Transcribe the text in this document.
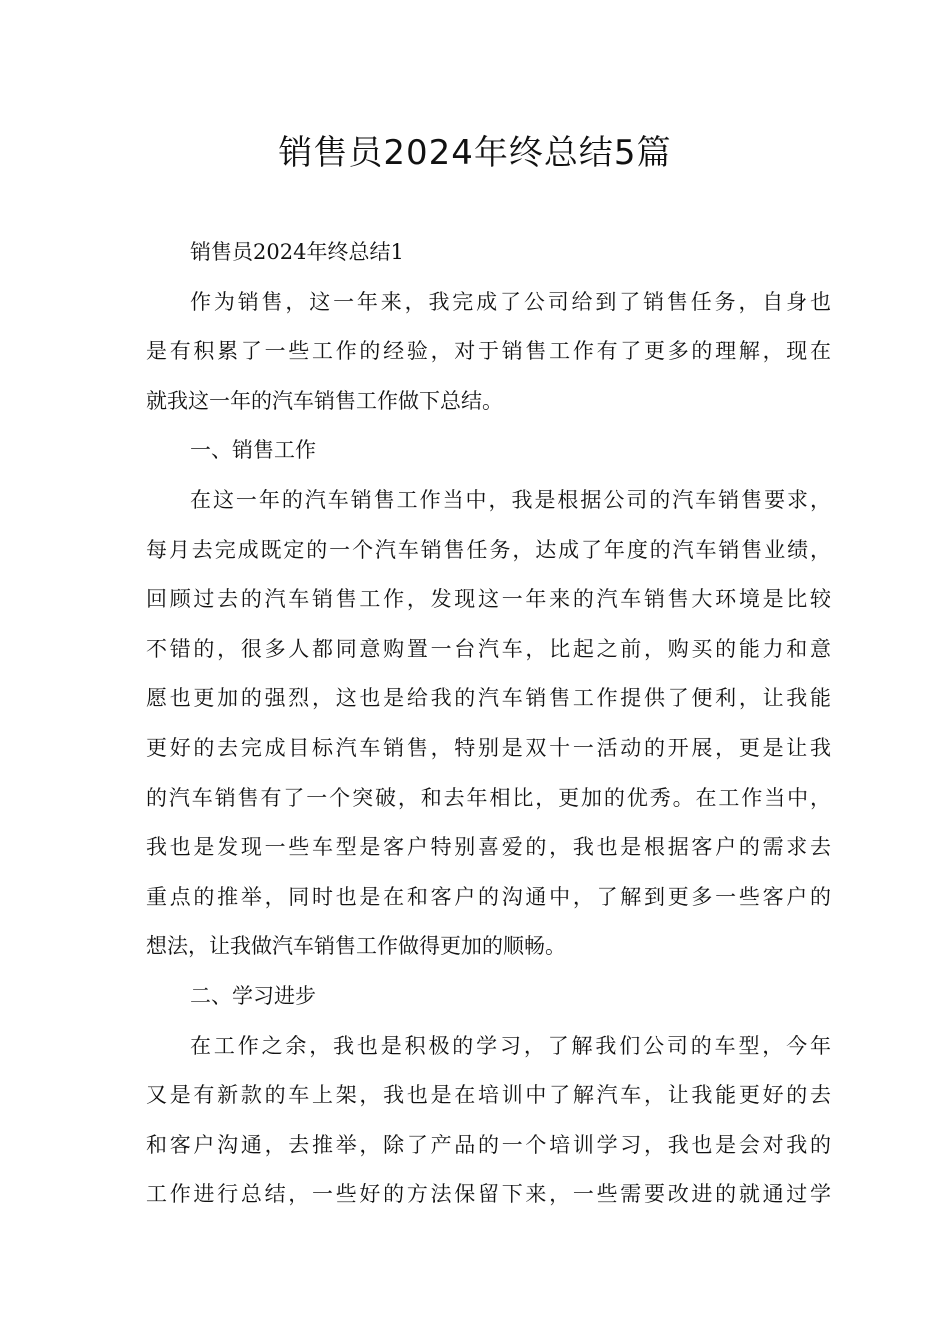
销售员2024年终总结5篇
销售员2024年终总结1
作为销售，这一年来，我完成了公司给到了销售任务，自身也
是有积累了一些工作的经验，对于销售工作有了更多的理解，现在
就我这一年的汽车销售工作做下总结。
一、销售工作
在这一年的汽车销售工作当中，我是根据公司的汽车销售要求，
每月去完成既定的一个汽车销售任务，达成了年度的汽车销售业绩，
回顾过去的汽车销售工作，发现这一年来的汽车销售大环境是比较
不错的，很多人都同意购置一台汽车，比起之前，购买的能力和意
愿也更加的强烈，这也是给我的汽车销售工作提供了便利，让我能
更好的去完成目标汽车销售，特别是双十一活动的开展，更是让我
的汽车销售有了一个突破，和去年相比，更加的优秀。在工作当中，
我也是发现一些车型是客户特别喜爱的，我也是根据客户的需求去
重点的推举，同时也是在和客户的沟通中，了解到更多一些客户的
想法，让我做汽车销售工作做得更加的顺畅。
二、学习进步
在工作之余，我也是积极的学习，了解我们公司的车型，今年
又是有新款的车上架，我也是在培训中了解汽车，让我能更好的去
和客户沟通，去推举，除了产品的一个培训学习，我也是会对我的
工作进行总结，一些好的方法保留下来，一些需要改进的就通过学
